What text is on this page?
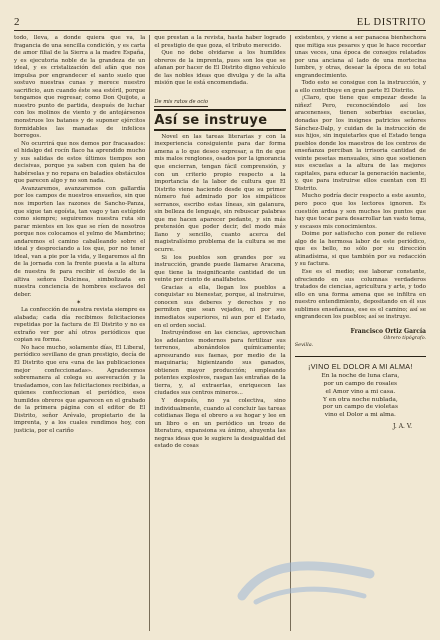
2	EL DISTRITO

todo, lleva, a donde quiera que va, la fragancia de una sencilla condición, y es carta de amor filial de la Sierra a la madre España, y es ejecutoria noble de la grandeza de un ideal, y es cristalización del afán que nos impulsa por engrandecer el santo suelo que sostuvo nuestras cunas y merece nuestro sacrificio, aun cuando éste sea estéril, porque tengamos que regresar, como Don Quijote, a nuestro punto de partida, después de luchar con los molinos de viento y de antojársenos monstruos los batanes y de suponer ejércitos formidables las manadas de infelices borregos.

No ocurrirá que nos demos por fracasados: el hidalgo del rocín flaco ha aprendido mucho y sus salidas de estos últimos tiempos son decisivas, porque ya saben con quien ha de habérselas y no repara en baladíes obstáculos que parecen algo y no son nada.

Avanzaremos, avanzaremos con gallardía por los campos de nuestros ensueños, sin que nos importen las razones de Sancho-Panza, que sigue tan egoísta, tan vago y tan estúpido como siempre; seguiremos nuestra ruta sin parar mientes en los que se ríen de nosotros porque nos colocamos el yelmo de Mambrino; andaremos el camino caballeando sobre el ideal y despreciando a los que, por no tener ideal, van a pie por la vida, y llegaremos al fin de la jornada con la frente puesta a la altura de nuestra fe para recibir el ósculo de la altiva señora Dulcinea, simbolizada en nuestra conciencia de hombres esclavos del deber.

✶

La confección de nuestra revista siempre es alabada; cada día recibimos felicitaciones repetidas por la factura de El Distrito y no es extraño ver por ahí otros periódicos que copian su forma.

No hace mucho, solamente días, El Liberal, periódico sevillano de gran prestigio, decía de El Distrito que era «una de las publicaciones mejor confeccionadas». Agradecemos sobremanera al colega su aseveración y la trasladamos, con las felicitaciones recibidas, a quienes confeccionan el periódico, esos humildes obreros que aparecen en el grabado de la primera página con el editor de El Distrito, señor Arévalo, propietario de la imprenta, y a los cuales rendimos hoy, con justicia, por el cariño

que prestan a la revista, hasta haber logrado el prestigio de que goza, el tributo merecido.

Que no debe olvidarse a los humildes obreros de la imprenta, pues son los que se afanan por hacer de El Distrito digno vehículo de las nobles ideas que divulga y de la alta misión que le está encomendada.

De mis ratos de ocio
Así se instruye

Novel en las tareas literarias y con la inexperiencia consiguiente para dar forma amena a lo que deseo expresar, a fin de que mis malos renglones, osados por la ignorancia que encierran, tengan fácil comprensión, y con un criterio propio respecto a la importancia de la labor de cultura que El Distrito viene haciendo desde que su primer número fué admirado por los simpáticos serranos, escribo estas líneas, sin galanura, sin belleza de lenguaje, sin rebuscar palabras que me hacen aparecer pedante, y sin más pretensión que poder decir, del modo más llano y sencillo, cuanto acerca del magistralísimo problema de la cultura se me ocurre.

Si los pueblos son grandes por su instrucción, grande puede llamarse Aracena, que tiene la insignificante cantidad de un veinte por ciento de analfabetos.

Gracias a ella, llegan los pueblos a conquistar su bienestar, porque, al instruirse, conocen sus deberes y derechos y no permiten que sean vejados, ni por sus inmediatos superiores, ni aun por el Estado, en el orden social.

Instruyéndose en las ciencias, aprovechan los adelantos modernos para fertilizar sus terrenos, abonándolos químicamente; apresurando sus faenas, por medio de la maquinaria; higienizando sus ganados, obtienen mayor producción; empleando potentes explosivos, rasgan las entrañas de la tierra, y, al extraerlas, enriquecen las ciudades sus centros mineros...

Y después, no ya colectiva, sino individualmente, cuando al concluir las tareas cotidianas llega el obrero a su hogar y lee en un libro o en un periódico un trozo de literatura, expansiona su ánimo, ahuyenta las negras ideas que le sugiere la desigualdad del estado de cosas

existentes, y viene a ser panacea bienhechora que mitiga sus pesares y que le hace recordar unas veces, una época de consejos relatados por una anciana al lado de una mortecina lumbre, y otras, desear la época de su total engrandecimiento.

Todo esto se consigue con la instrucción, y a ello contribuye en gran parte El Distrito.

¡Claro, que tiene que empezar desde la niñez! Pero, reconociéndolo así los aracenenses, tienen soberbias escuelas, donadas por los insignes patricios señores Sánchez-Dalp, y cuidan de la instrucción de sus hijos, sin inquietarles que el Estado tenga pueblos donde los maestros de los centros de enseñanza perciban la irrisoria cantidad de veinte pesetas mensuales, sino que sostienen sus escuelas a la altura de las mejores capitales, para educar la generación naciente, y, que para instruirse ellos cuentan con El Distrito.

Mucho podría decir respecto a este asunto, pero poco que los lectores ignoren. Es cuestión ardua y son muchos los puntos que hay que tocar para desarrollar tan vasto tema, y escasos mis conocimientos.

Doime por satisfecho con poner de relieve algo de la hermosa labor de este periódico, que es bello, no sólo por su dirección atinadísima, si que también por su redacción y su factura.

Ese es el medio; ese laborar constante, ofreciendo en sus columnas verdaderos tratados de ciencias, agricultura y arte, y todo ello en una forma amena que se infiltra en nuestro entendimiento, depositando en él sus sublimes enseñanzas, ese es el camino; así se engrandecen los pueblos; así se instruye.

Francisco Ortiz García
Obrero tipógrafo.
Sevilla.
¡VINO EL DOLOR A MI ALMA!
En la noche de luna clara,
por un campo de rosales
el Amor vino a mi casa.
Y en otra noche nublada,
por un campo de violetas
vino el Dolor a mi alma.
J. A. V.
